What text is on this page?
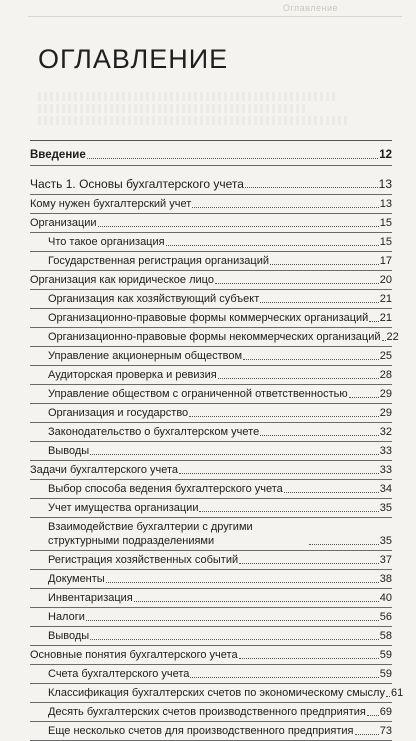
Оглавление
ОГЛАВЛЕНИЕ
Введение	12
Часть 1. Основы бухгалтерского учета	13
Кому нужен бухгалтерский учет	13
Организации	15
Что такое организация	15
Государственная регистрация организаций	17
Организация как юридическое лицо	20
Организация как хозяйствующий субъект	21
Организационно-правовые формы коммерческих организаций 21
Организационно-правовые формы некоммерческих организаций 22
Управление акционерным обществом	25
Аудиторская проверка и ревизия	28
Управление обществом с ограниченной ответственностью	29
Организация и государство	29
Законодательство о бухгалтерском учете	32
Выводы	33
Задачи бухгалтерского учета	33
Выбор способа ведения бухгалтерского учета	34
Учет имущества организации	35
Взаимодействие бухгалтерии с другими структурными подразделениями	35
Регистрация хозяйственных событий	37
Документы	38
Инвентаризация	40
Налоги	56
Выводы	58
Основные понятия бухгалтерского учета	59
Счета бухгалтерского учета	59
Классификация бухгалтерских счетов по экономическому смыслу 61
Десять бухгалтерских счетов производственного предприятия 69
Еще несколько счетов для производственного предприятия 73
